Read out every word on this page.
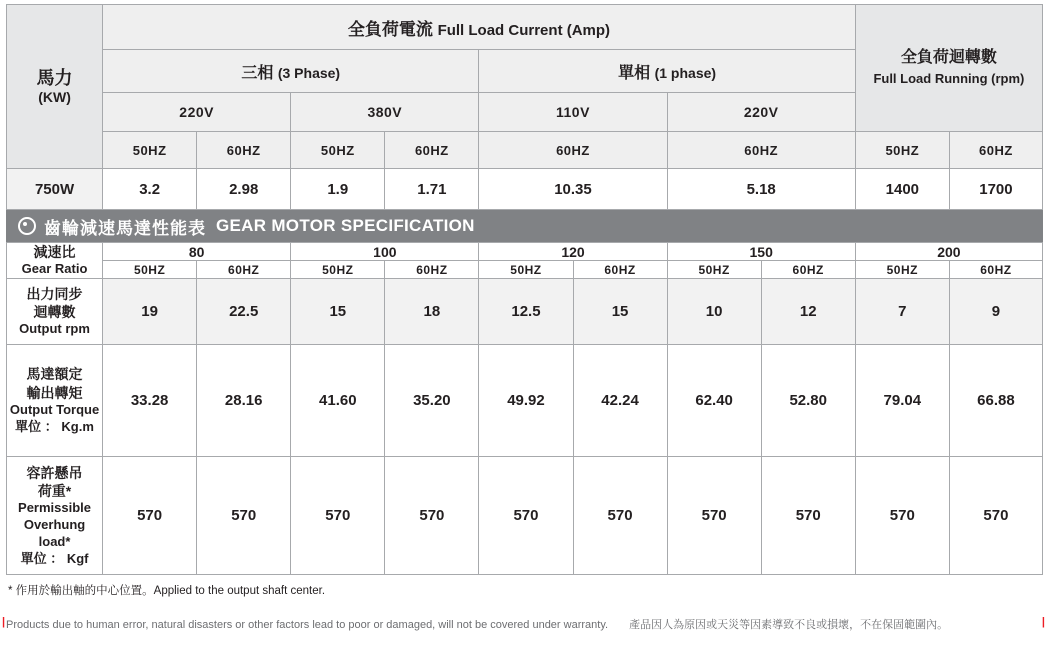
馬力
(KW)
	全負荷電流 Full Load Current (Amp)	全負荷迴轉數
Full Load Running (rpm)

	三相 (3 Phase)				單相 (1 phase)			
	220V		380V		110V	220V		
	50HZ	60HZ	50HZ	60HZ	60HZ	60HZ	50HZ	60HZ
750W	3.2	2.98	1.9	1.71	10.35	5.18	1400	1700
齒輪減速馬達性能表 GEAR MOTOR SPECIFICATION
減速比
Gear Ratio	80		100		120		150		200	
	50HZ	60HZ	50HZ	60HZ	50HZ	60HZ	50HZ	60HZ	50HZ	60HZ

出力同步
迴轉數
Output rpm	19	22.5	15	18	12.5	15	10	12	7	9

馬達額定
輸出轉矩
Output Torque
單位 ： Kg.m	33.28	28.16	41.60	35.20	49.92	42.24	62.40	52.80	79.04	66.88

容許懸吊
荷重*
Permissible
Overhung load*
單位 ： Kgf	570	570	570	570	570	570	570	570	570	570
* 作用於輸出軸的中心位置。Applied to the output shaft center.
| Products due to human error, natural disasters or other factors lead to poor or damaged, will not be covered under warranty. 產品因人為原因或天災等因素導致不良或損壞，不在保固範圍內。	|
